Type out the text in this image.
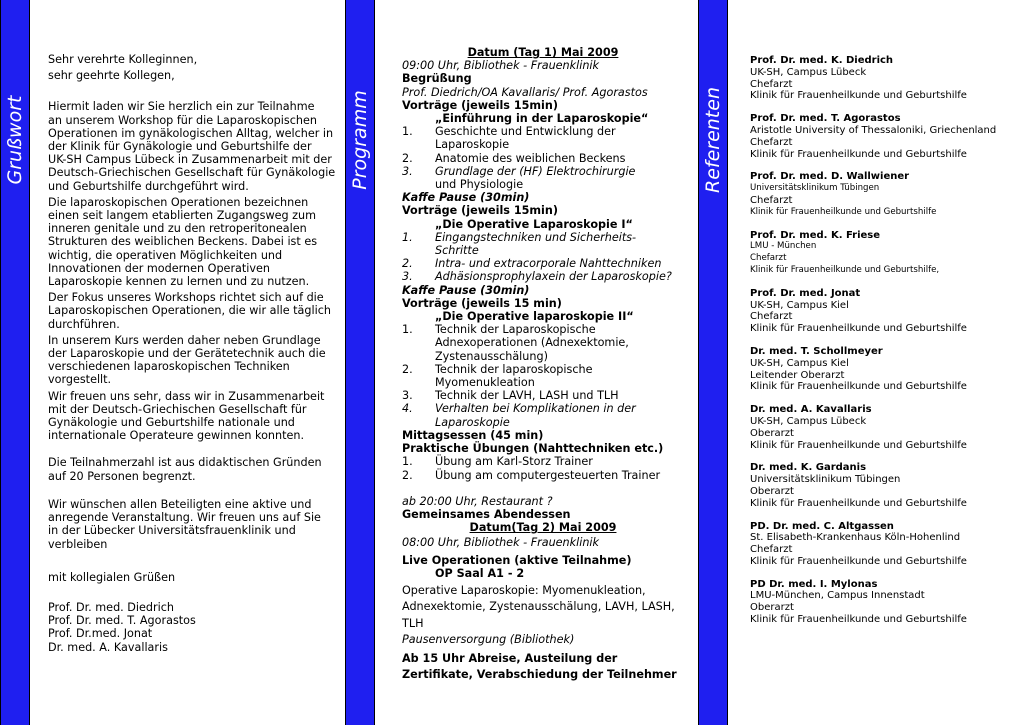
Grußwort	Programm	Referenten

Sehr verehrte Kolleginnen,

sehr geehrte Kollegen,

Hiermit laden wir Sie herzlich ein zur Teilnahme
an unserem Workshop für die Laparoskopischen
Operationen im gynäkologischen Alltag, welcher in
der Klinik für Gynäkologie und Geburtshilfe der
UK-SH Campus Lübeck in Zusammenarbeit mit der
Deutsch-Griechischen Gesellschaft für Gynäkologie
und Geburtshilfe durchgeführt wird.

Die laparoskopischen Operationen bezeichnen
einen seit langem etablierten Zugangsweg zum
inneren genitale und zu den retroperitonealen
Strukturen des weiblichen Beckens. Dabei ist es
wichtig, die operativen Möglichkeiten und
Innovationen der modernen Operativen
Laparoskopie kennen zu lernen und zu nutzen.

Der Fokus unseres Workshops richtet sich auf die
Laparoskopischen Operationen, die wir alle täglich
durchführen.

In unserem Kurs werden daher neben Grundlage
der Laparoskopie und der Gerätetechnik auch die
verschiedenen laparoskopischen Techniken
vorgestellt.

Wir freuen uns sehr, dass wir in Zusammenarbeit
mit der Deutsch-Griechischen Gesellschaft für
Gynäkologie und Geburtshilfe nationale und
internationale Operateure gewinnen konnten.

Die Teilnahmerzahl ist aus didaktischen Gründen
auf 20 Personen begrenzt.

Wir wünschen allen Beteiligten eine aktive und
anregende Veranstaltung. Wir freuen uns auf Sie
in der Lübecker Universitätsfrauenklinik und
verbleiben

mit kollegialen Grüßen

Prof. Dr. med. Diedrich
Prof. Dr. med. T. Agorastos
Prof. Dr.med. Jonat
Dr. med. A. Kavallaris

Datum (Tag 1) Mai 2009
09:00 Uhr, Bibliothek - Frauenklinik
Begrüßung
Prof. Diedrich/OA Kavallaris/ Prof. Agorastos
Vorträge (jeweils 15min)
„Einführung in der Laparoskopie“
1.	Geschichte und Entwicklung der
Laparoskopie
2.	Anatomie des weiblichen Beckens
3.	Grundlage der (HF) Elektrochirurgie
und Physiologie
Kaffe Pause (30min)
Vorträge (jeweils 15min)
„Die Operative Laparoskopie I“
1.	Eingangstechniken und Sicherheits-
Schritte
2.	Intra- und extracorporale Nahttechniken
3.	Adhäsionsprophylaxein der Laparoskopie?
Kaffe Pause (30min)
Vorträge (jeweils 15 min)
„Die Operative laparoskopie II“
1.	Technik der Laparoskopische
Adnexoperationen (Adnexektomie,
Zystenausschälung)
2.	Technik der laparoskopische
Myomenukleation
3.	Technik der LAVH, LASH und TLH
4.	Verhalten bei Komplikationen in der
Laparoskopie
Mittagsessen (45 min)
Praktische Übungen (Nahttechniken etc.)
1.	Übung am Karl-Storz Trainer
2.	Übung am computergesteuerten Trainer
ab 20:00 Uhr, Restaurant ?
Gemeinsames Abendessen
Datum(Tag 2) Mai 2009
08:00 Uhr, Bibliothek - Frauenklinik
Live Operationen (aktive Teilnahme)
OP Saal A1 - 2
Operative Laparoskopie: Myomenukleation,
Adnexektomie, Zystenausschälung, LAVH, LASH,
TLH
Pausenversorgung (Bibliothek)
Ab 15 Uhr Abreise, Austeilung der
Zertifikate, Verabschiedung der Teilnehmer
Prof. Dr. med. K. Diedrich
UK-SH, Campus Lübeck
Chefarzt
Klinik für Frauenheilkunde und Geburtshilfe
Prof. Dr. med. T. Agorastos
Aristotle University of Thessaloniki, Griechenland
Chefarzt
Klinik für Frauenheilkunde und Geburtshilfe
Prof. Dr. med. D. Wallwiener
Universitätsklinikum Tübingen
Chefarzt
Klinik für Frauenheilkunde und Geburtshilfe
Prof. Dr. med. K. Friese
LMU - München
Chefarzt
Klinik für Frauenheilkunde und Geburtshilfe,
Prof. Dr. med. Jonat
UK-SH, Campus Kiel
Chefarzt
Klinik für Frauenheilkunde und Geburtshilfe
Dr. med. T. Schollmeyer
UK-SH, Campus Kiel
Leitender Oberarzt
Klinik für Frauenheilkunde und Geburtshilfe
Dr. med. A. Kavallaris
UK-SH, Campus Lübeck
Oberarzt
Klinik für Frauenheilkunde und Geburtshilfe
Dr. med. K. Gardanis
Universitätsklinikum Tübingen
Oberarzt
Klinik für Frauenheilkunde und Geburtshilfe
PD. Dr. med. C. Altgassen
St. Elisabeth-Krankenhaus Köln-Hohenlind
Chefarzt
Klinik für Frauenheilkunde und Geburtshilfe
PD Dr. med. I. Mylonas
LMU-München, Campus Innenstadt
Oberarzt
Klinik für Frauenheilkunde und Geburtshilfe
